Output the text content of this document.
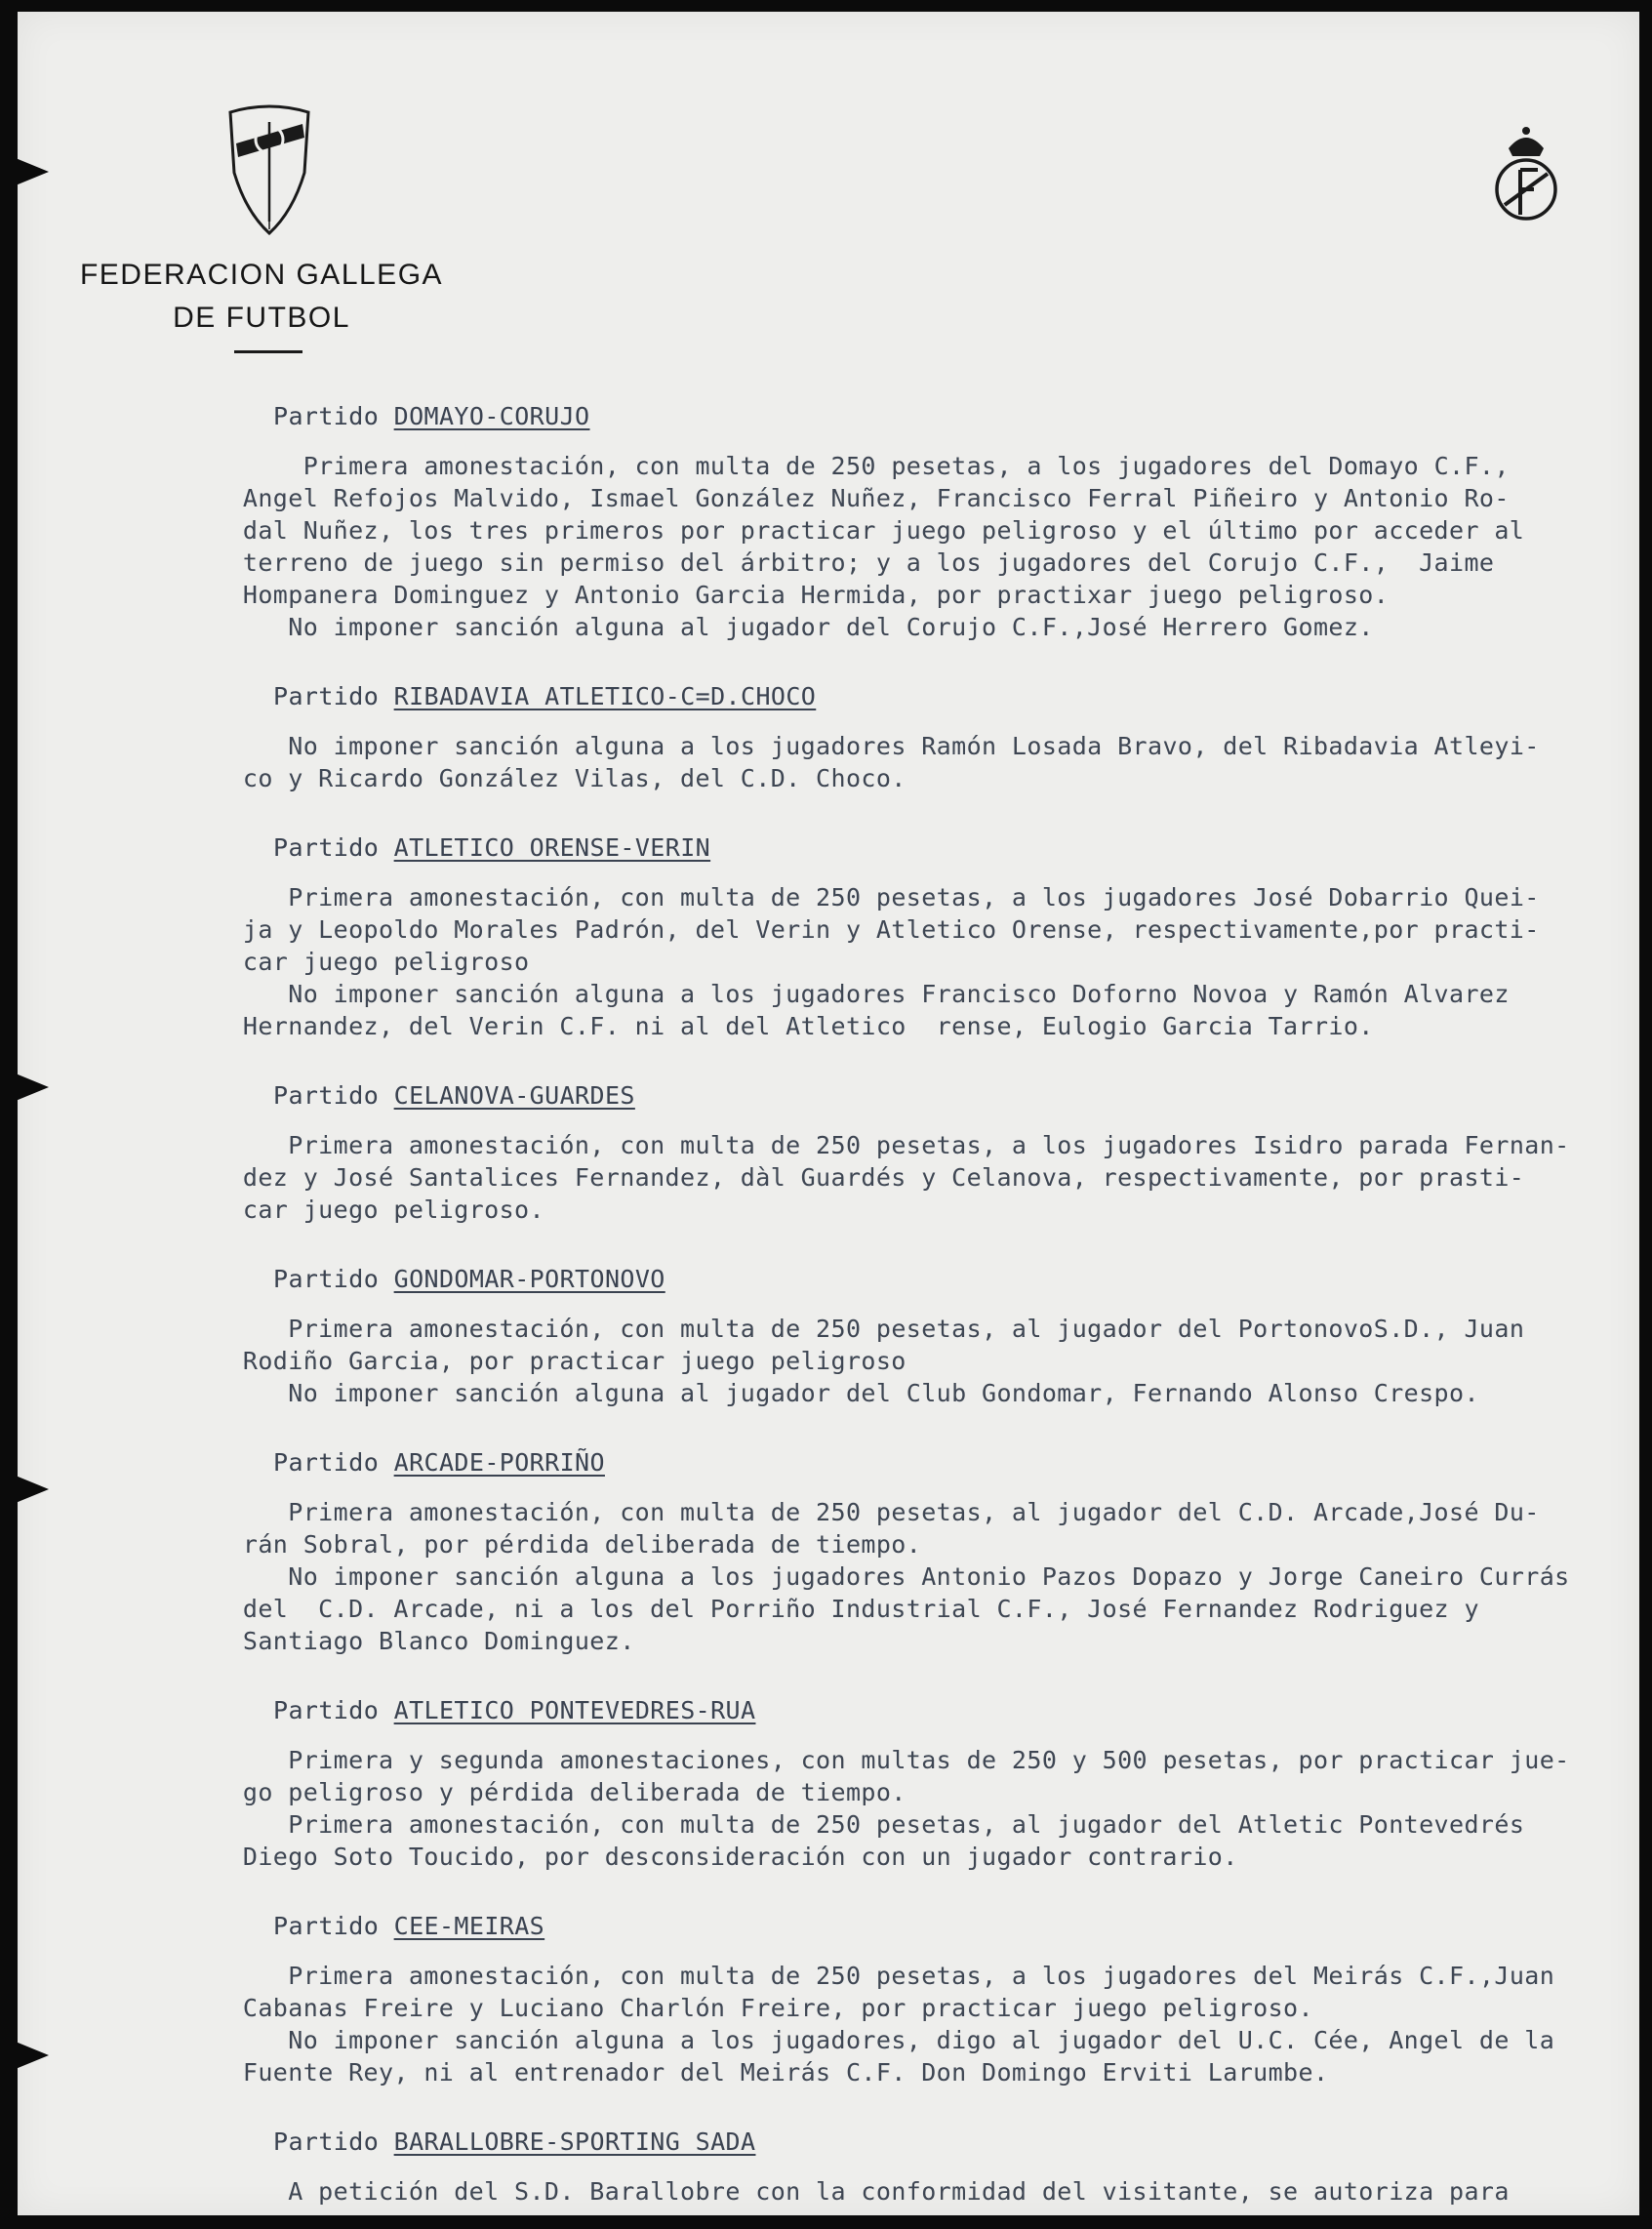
FEDERACION GALLEGA
DE FUTBOL
Partido DOMAYO-CORUJO

Primera amonestación, con multa de 250 pesetas, a los jugadores del Domayo C.F.,
Angel Refojos Malvido, Ismael González Nuñez, Francisco Ferral Piñeiro y Antonio Ro-
dal Nuñez, los tres primeros por practicar juego peligroso y el último por acceder al
terreno de juego sin permiso del árbitro; y a los jugadores del Corujo C.F.,  Jaime
Hompanera Dominguez y Antonio Garcia Hermida, por practixar juego peligroso.

No imponer sanción alguna al jugador del Corujo C.F.,José Herrero Gomez.

Partido RIBADAVIA ATLETICO-C=D.CHOCO

No imponer sanción alguna a los jugadores Ramón Losada Bravo, del Ribadavia Atleyi-
co y Ricardo González Vilas, del C.D. Choco.

Partido ATLETICO ORENSE-VERIN

Primera amonestación, con multa de 250 pesetas, a los jugadores José Dobarrio Quei-
ja y Leopoldo Morales Padrón, del Verin y Atletico Orense, respectivamente,por practi-
car juego peligroso

No imponer sanción alguna a los jugadores Francisco Doforno Novoa y Ramón Alvarez
Hernandez, del Verin C.F. ni al del Atletico  rense, Eulogio Garcia Tarrio.

Partido CELANOVA-GUARDES

Primera amonestación, con multa de 250 pesetas, a los jugadores Isidro parada Fernan-
dez y José Santalices Fernandez, dàl Guardés y Celanova, respectivamente, por prasti-
car juego peligroso.

Partido GONDOMAR-PORTONOVO

Primera amonestación, con multa de 250 pesetas, al jugador del PortonovoS.D., Juan
Rodiño Garcia, por practicar juego peligroso

No imponer sanción alguna al jugador del Club Gondomar, Fernando Alonso Crespo.

Partido ARCADE-PORRIÑO

Primera amonestación, con multa de 250 pesetas, al jugador del C.D. Arcade,José Du-
rán Sobral, por pérdida deliberada de tiempo.

No imponer sanción alguna a los jugadores Antonio Pazos Dopazo y Jorge Caneiro Currás
del  C.D. Arcade, ni a los del Porriño Industrial C.F., José Fernandez Rodriguez y
Santiago Blanco Dominguez.

Partido ATLETICO PONTEVEDRES-RUA

Primera y segunda amonestaciones, con multas de 250 y 500 pesetas, por practicar jue-
go peligroso y pérdida deliberada de tiempo.

Primera amonestación, con multa de 250 pesetas, al jugador del Atletic Pontevedrés
Diego Soto Toucido, por desconsideración con un jugador contrario.

Partido CEE-MEIRAS

Primera amonestación, con multa de 250 pesetas, a los jugadores del Meirás C.F.,Juan
Cabanas Freire y Luciano Charlón Freire, por practicar juego peligroso.

No imponer sanción alguna a los jugadores, digo al jugador del U.C. Cée, Angel de la
Fuente Rey, ni al entrenador del Meirás C.F. Don Domingo Erviti Larumbe.

Partido BARALLOBRE-SPORTING SADA

A petición del S.D. Barallobre con la conformidad del visitante, se autoriza para
